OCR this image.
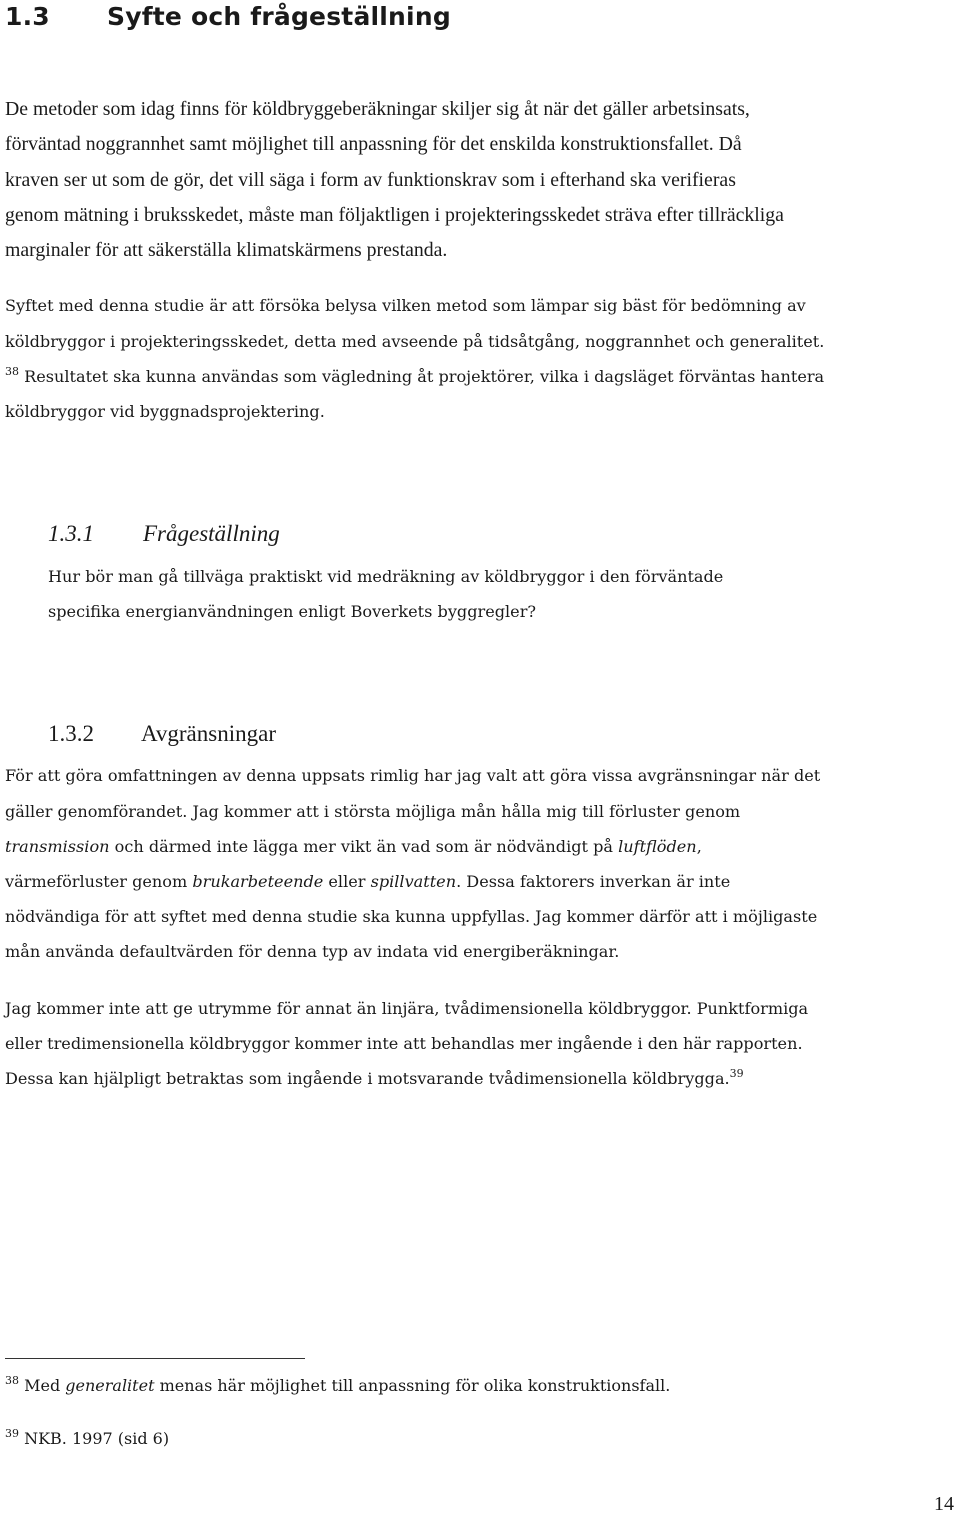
1.3 Syfte och frågeställning
De metoder som idag finns för köldbryggeberäkningar skiljer sig åt när det gäller arbetsinsats,
förväntad noggrannhet samt möjlighet till anpassning för det enskilda konstruktionsfallet. Då
kraven ser ut som de gör, det vill säga i form av funktionskrav som i efterhand ska verifieras
genom mätning i bruksskedet, måste man följaktligen i projekteringsskedet sträva efter tillräckliga
marginaler för att säkerställa klimatskärmens prestanda.
Syftet med denna studie är att försöka belysa vilken metod som lämpar sig bäst för bedömning av
köldbryggor i projekteringsskedet, detta med avseende på tidsåtgång, noggrannhet och generalitet.
$^{38}$ Resultatet ska kunna användas som vägledning åt projektörer, vilka i dagsläget förväntas hantera
köldbryggor vid byggnadsprojektering.
1.3.1 Frågeställning
Hur bör man gå tillväga praktiskt vid medräkning av köldbryggor i den förväntade
specifika energianvändningen enligt Boverkets byggregler?
1.3.2 Avgränsningar
För att göra omfattningen av denna uppsats rimlig har jag valt att göra vissa avgränsningar när det
gäller genomförandet. Jag kommer att i största möjliga mån hålla mig till förluster genom
transmission och därmed inte lägga mer vikt än vad som är nödvändigt på luftflöden,
värmeförluster genom brukarbeteende eller spillvatten. Dessa faktorers inverkan är inte
nödvändiga för att syftet med denna studie ska kunna uppfyllas. Jag kommer därför att i möjligaste
mån använda defaultvärden för denna typ av indata vid energiberäkningar.
Jag kommer inte att ge utrymme för annat än linjära, tvådimensionella köldbryggor. Punktformiga
eller tredimensionella köldbryggor kommer inte att behandlas mer ingående i den här rapporten.
Dessa kan hjälpligt betraktas som ingående i motsvarande tvådimensionella köldbrygga.$^{39}$
$^{38}$ Med generalitet menas här möjlighet till anpassning för olika konstruktionsfall.
$^{39}$ NKB. 1997 (sid 6)
14
